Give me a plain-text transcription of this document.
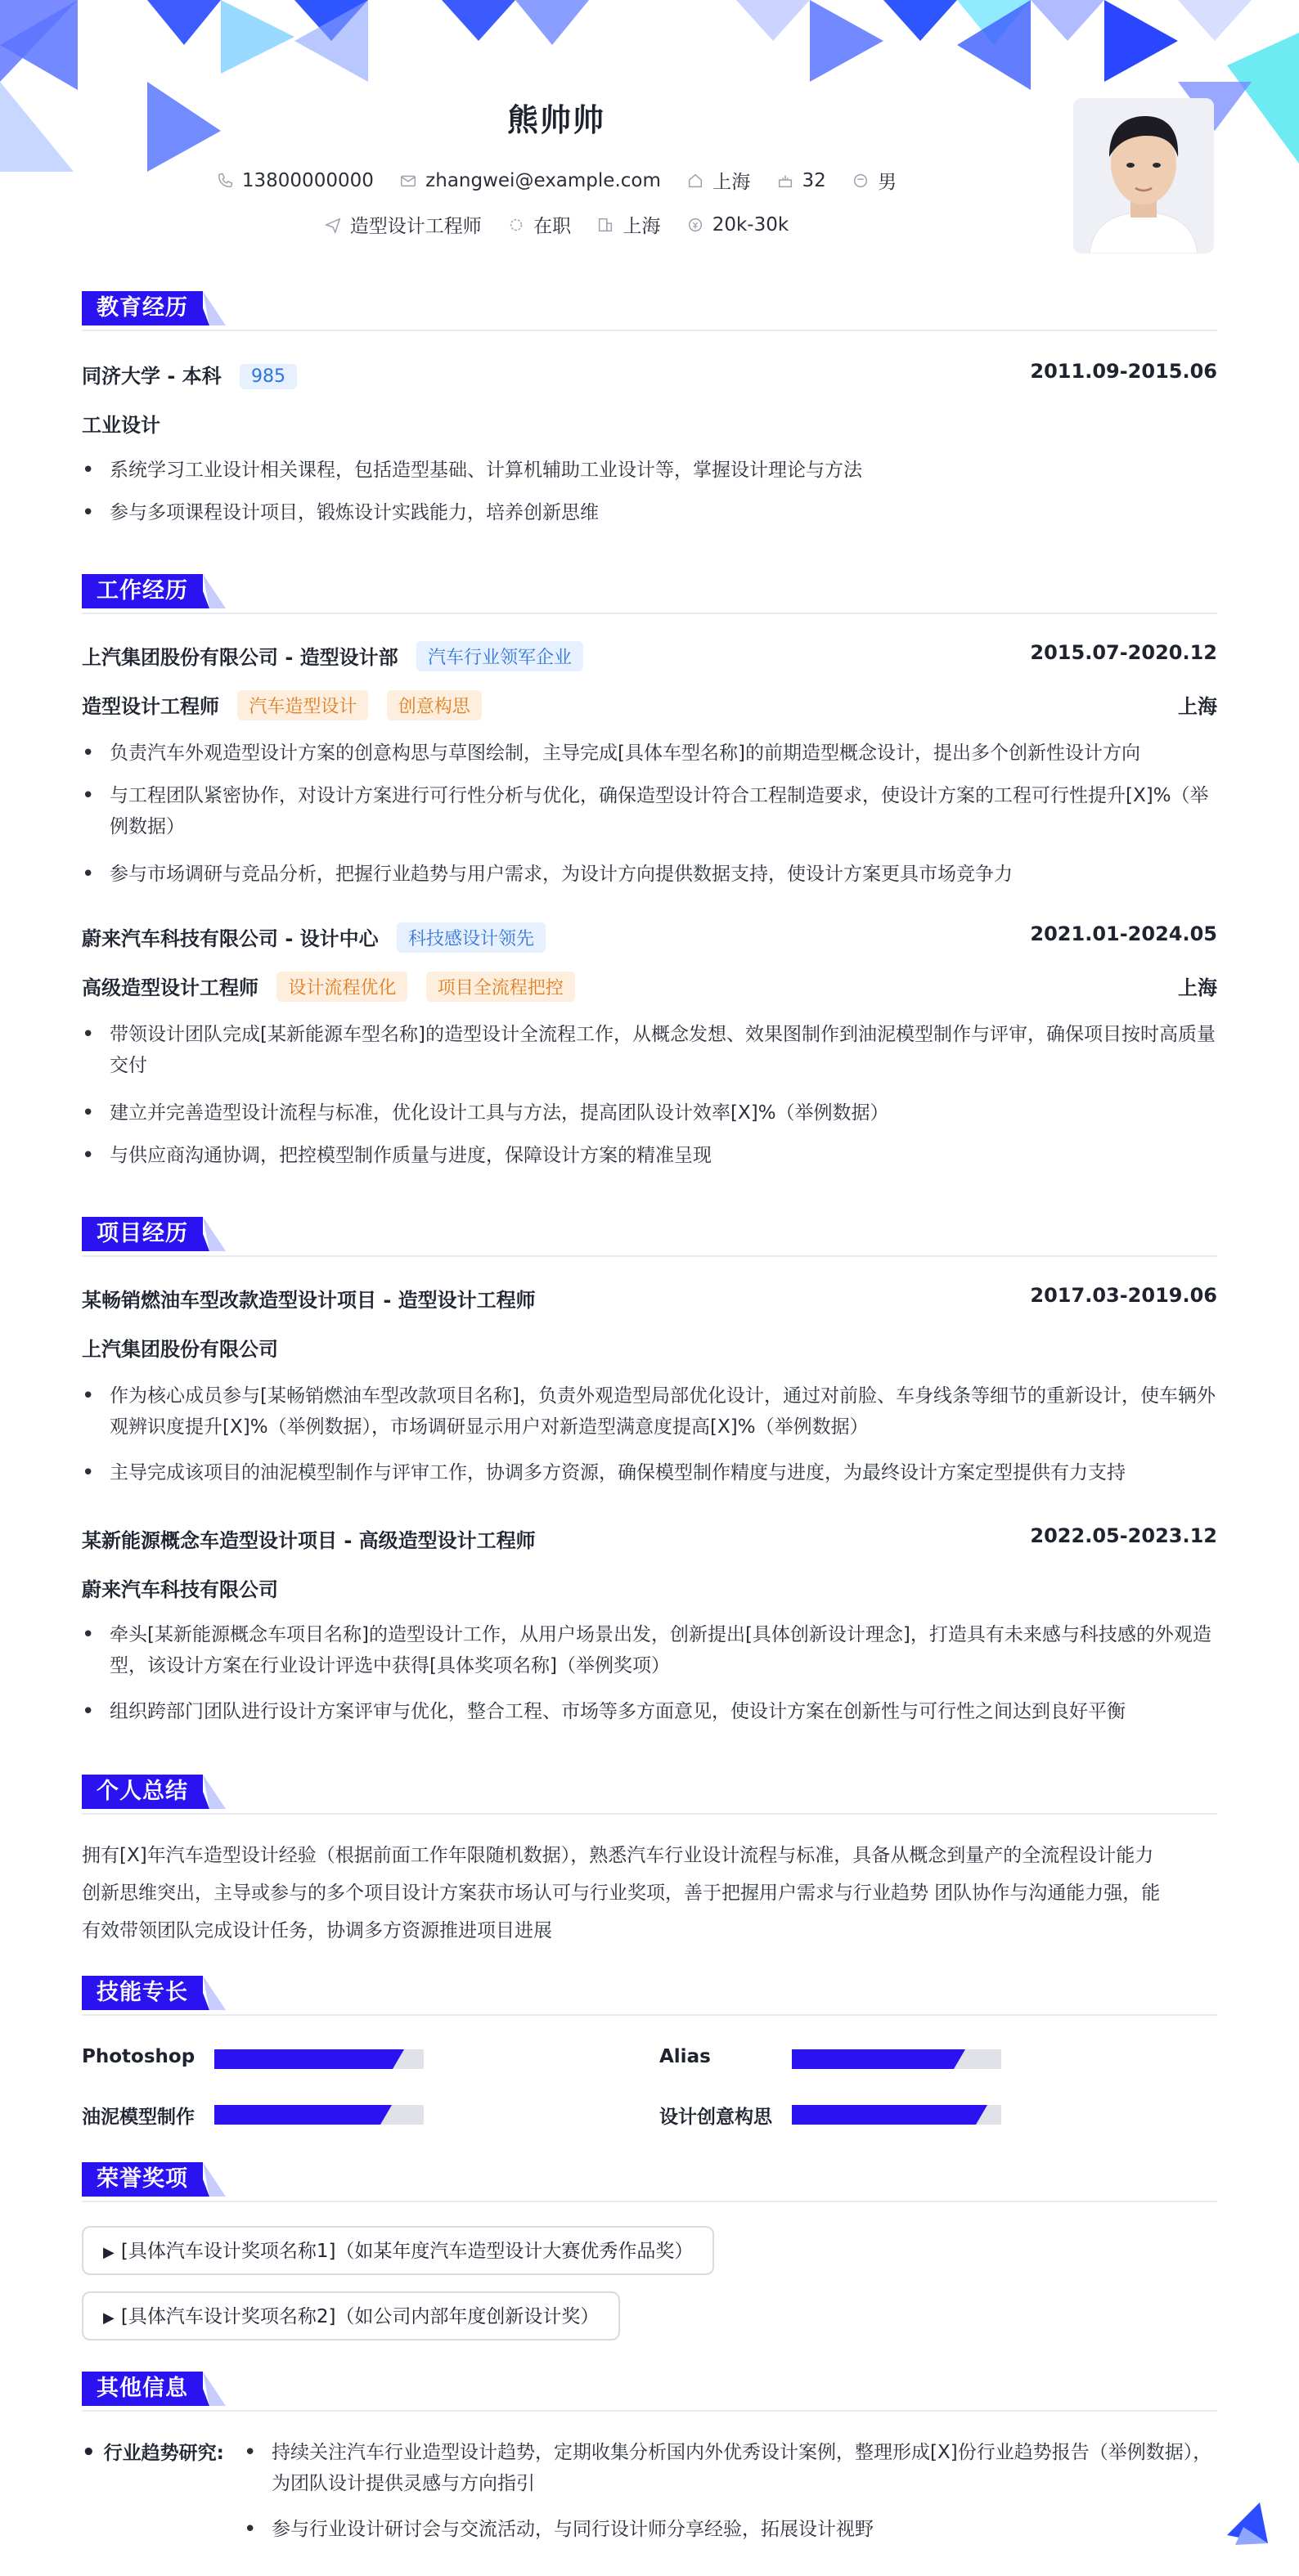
熊帅帅
13800000000
	zhangwei@example.com
	上海
	32
	男
造型设计工程师
	在职
	上海
	20k-30k
教育经历
同济大学 - 本科 985	2011.09-2015.06
工业设计
• 系统学习工业设计相关课程，包括造型基础、计算机辅助工业设计等，掌握设计理论与方法
• 参与多项课程设计项目，锻炼设计实践能力，培养创新思维
工作经历
上汽集团股份有限公司 - 造型设计部 汽车行业领军企业	2015.07-2020.12
造型设计工程师 汽车造型设计 创意构思	上海
• 负责汽车外观造型设计方案的创意构思与草图绘制，主导完成[具体车型名称]的前期造型概念设计，提出多个创新性设计方向
• 与工程团队紧密协作，对设计方案进行可行性分析与优化，确保造型设计符合工程制造要求，使设计方案的工程可行性提升[X]%（举例数据）
• 参与市场调研与竞品分析，把握行业趋势与用户需求，为设计方向提供数据支持，使设计方案更具市场竞争力
蔚来汽车科技有限公司 - 设计中心 科技感设计领先	2021.01-2024.05
高级造型设计工程师 设计流程优化 项目全流程把控	上海
• 带领设计团队完成[某新能源车型名称]的造型设计全流程工作，从概念发想、效果图制作到油泥模型制作与评审，确保项目按时高质量交付
• 建立并完善造型设计流程与标准，优化设计工具与方法，提高团队设计效率[X]%（举例数据）
• 与供应商沟通协调，把控模型制作质量与进度，保障设计方案的精准呈现
项目经历
某畅销燃油车型改款造型设计项目 - 造型设计工程师	2017.03-2019.06
上汽集团股份有限公司
• 作为核心成员参与[某畅销燃油车型改款项目名称]，负责外观造型局部优化设计，通过对前脸、车身线条等细节的重新设计，使车辆外观辨识度提升[X]%（举例数据），市场调研显示用户对新造型满意度提高[X]%（举例数据）
• 主导完成该项目的油泥模型制作与评审工作，协调多方资源，确保模型制作精度与进度，为最终设计方案定型提供有力支持
某新能源概念车造型设计项目 - 高级造型设计工程师	2022.05-2023.12
蔚来汽车科技有限公司
• 牵头[某新能源概念车项目名称]的造型设计工作，从用户场景出发，创新提出[具体创新设计理念]，打造具有未来感与科技感的外观造型，该设计方案在行业设计评选中获得[具体奖项名称]（举例奖项）
• 组织跨部门团队进行设计方案评审与优化，整合工程、市场等多方面意见，使设计方案在创新性与可行性之间达到良好平衡
个人总结
拥有[X]年汽车造型设计经验（根据前面工作年限随机数据），熟悉汽车行业设计流程与标准，具备从概念到量产的全流程设计能力
创新思维突出，主导或参与的多个项目设计方案获市场认可与行业奖项，善于把握用户需求与行业趋势 团队协作与沟通能力强，能
有效带领团队完成设计任务，协调多方资源推进项目进展
技能专长
Photoshop	Alias
油泥模型制作	设计创意构思
荣誉奖项
▶ [具体汽车设计奖项名称1]（如某年度汽车造型设计大赛优秀作品奖）
▶ [具体汽车设计奖项名称2]（如公司内部年度创新设计奖）
其他信息
• 行业趋势研究: • 持续关注汽车行业造型设计趋势，定期收集分析国内外优秀设计案例，整理形成[X]份行业趋势报告（举例数据），为团队设计提供灵感与方向指引
• 参与行业设计研讨会与交流活动，与同行设计师分享经验，拓展设计视野
